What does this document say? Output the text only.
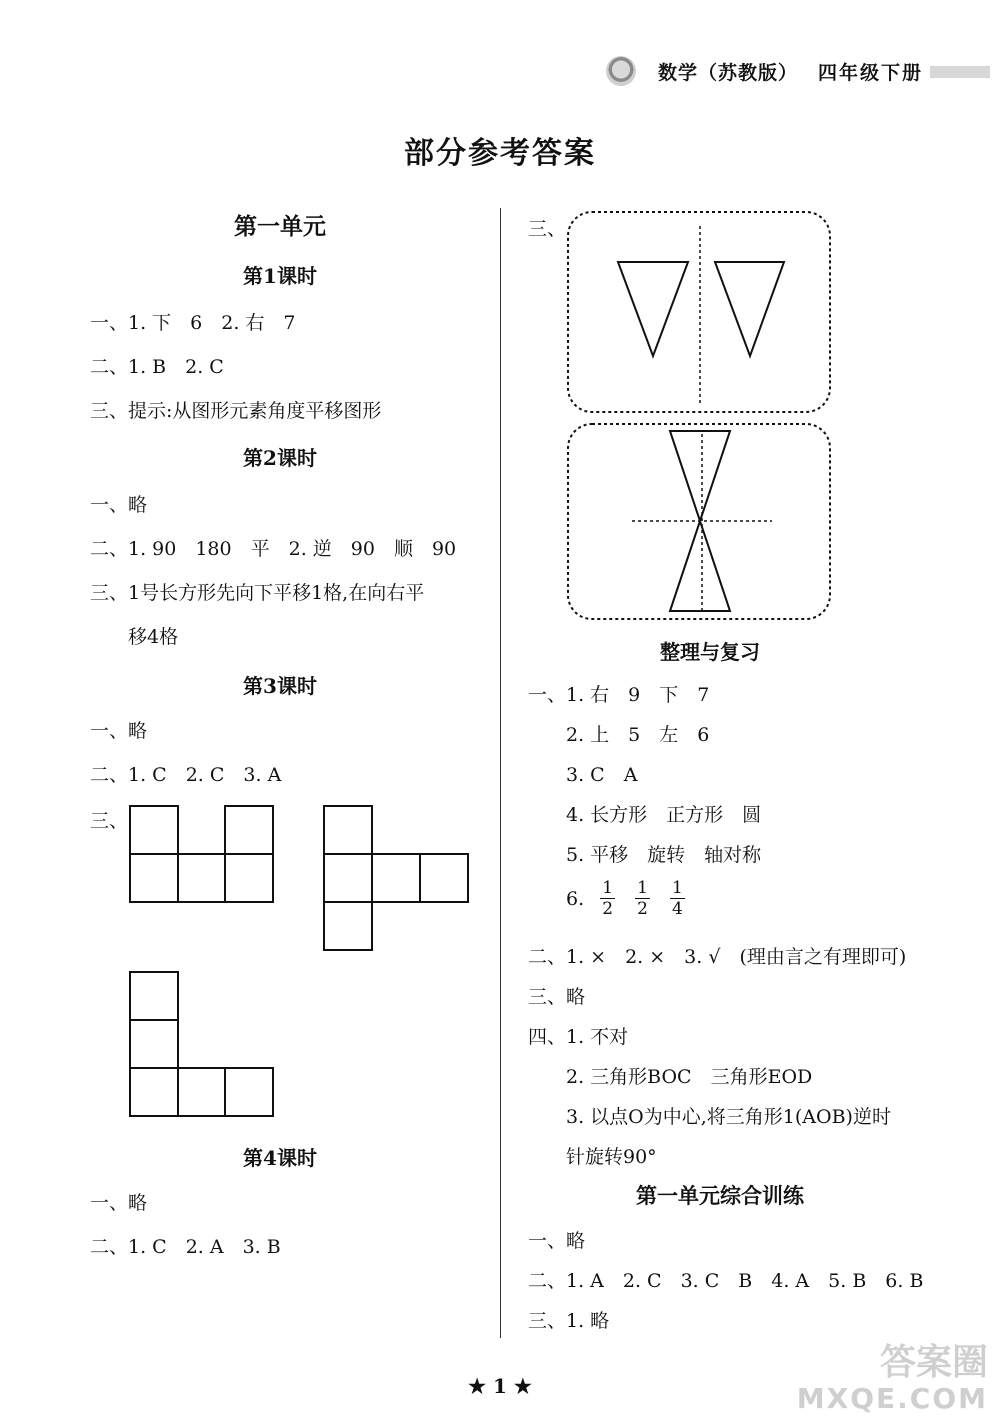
数学（苏教版） 四年级下册
部分参考答案
第一单元
第1课时
一、1. 下　6　2. 右　7
二、1. B　2. C
三、提示:从图形元素角度平移图形
第2课时
一、略
二、1. 90　180　平　2. 逆　90　顺　90
三、1号长方形先向下平移1格,在向右平
　　移4格
第3课时
一、略
二、1. C　2. C　3. A
三、
第4课时
一、略
二、1. C　2. A　3. B
三、
整理与复习
一、1. 右　9　下　7
　　2. 上　5　左　6
　　3. C　A
　　4. 长方形　正方形　圆
　　5. 平移　旋转　轴对称
6. $\frac{1}{2}$
$\frac{1}{2}$
$\frac{1}{4}$
二、1. ×　2. ×　3. √　(理由言之有理即可)
三、略
四、1. 不对
　　2. 三角形BOC　三角形EOD
　　3. 以点O为中心,将三角形1(AOB)逆时
　　针旋转90°
第一单元综合训练
一、略
二、1. A　2. C　3. C　B　4. A　5. B　6. B
三、1. 略
★ 1 ★
答案圈
MXQE.COM
